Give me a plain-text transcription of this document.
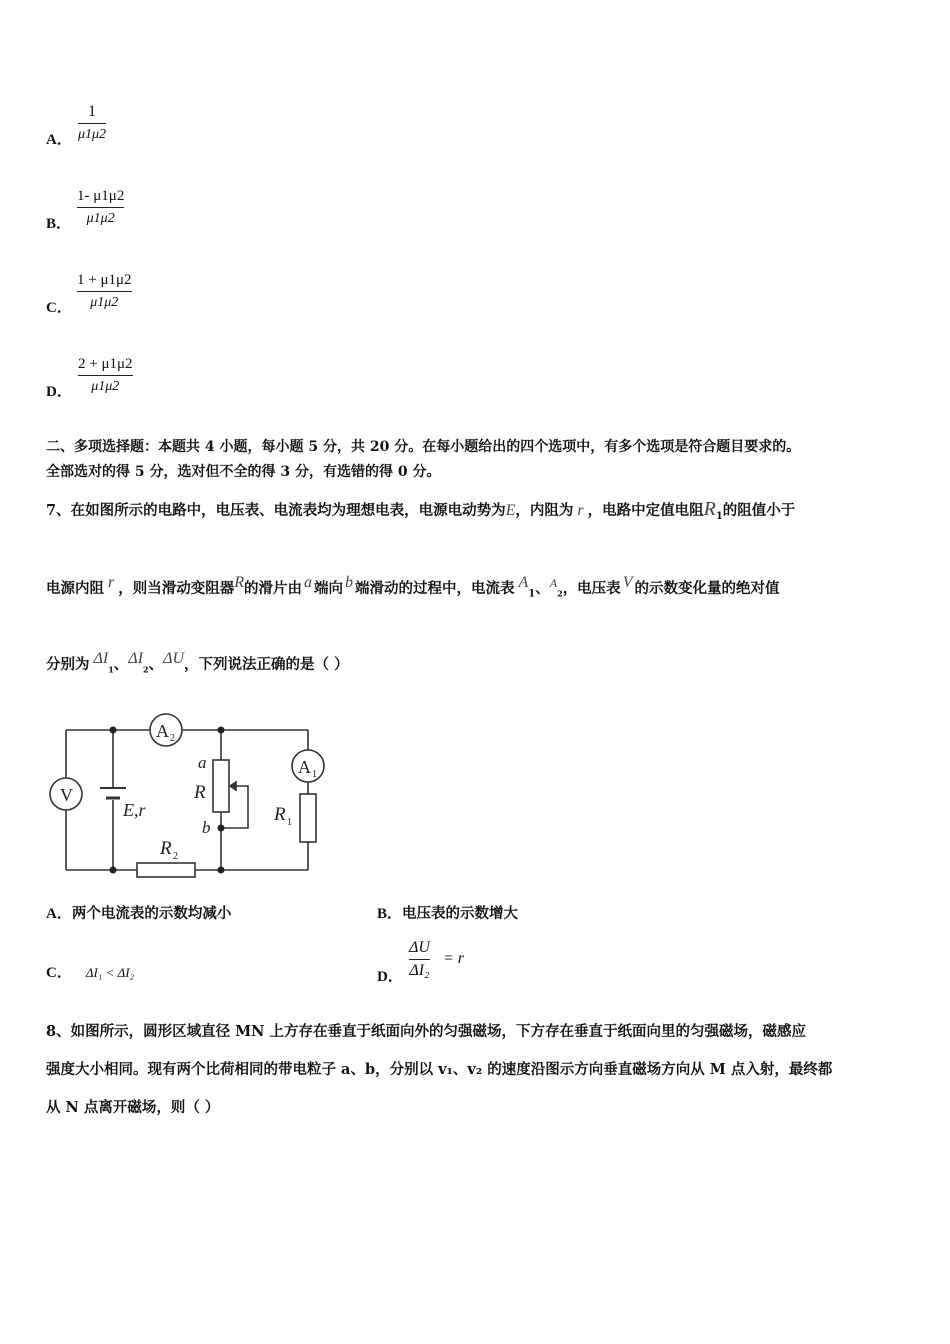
A．
1
μ1μ2
B．
1- μ1μ2
μ1μ2
C．
1 + μ1μ2
μ1μ2
D．
2 + μ1μ2
μ1μ2
二、多项选择题：本题共 4 小题，每小题 5 分，共 20 分。在每小题给出的四个选项中，有多个选项是符合题目要求的。
全部选对的得 5 分，选对但不全的得 3 分，有选错的得 0 分。
7、在如图所示的电路中，电压表、电流表均为理想电表，电源电动势为E，内阻为 r ，电路中定值电阻$R_1$的阻值小于
电源内阻 r ，则当滑动变阻器R的滑片由 a 端向 b 端滑动的过程中，电流表 $A_1$、$^A_2$，电压表 V 的示数变化量的绝对值
分别为 $\Delta I_1$、$\Delta I_2$、ΔU，下列说法正确的是（ ）
V
A 2
A 1
a
R
b
E,r	R 1
R 2
A．两个电流表的示数均减小	B．电压表的示数增大
C． ΔI₁ < ΔI₂	D．
ΔU
ΔI₂
= r
8、如图所示，圆形区域直径 MN 上方存在垂直于纸面向外的匀强磁场，下方存在垂直于纸面向里的匀强磁场，磁感应
强度大小相同。现有两个比荷相同的带电粒子 a、b，分别以 v₁、v₂ 的速度沿图示方向垂直磁场方向从 M 点入射，最终都
从 N 点离开磁场，则（ ）
